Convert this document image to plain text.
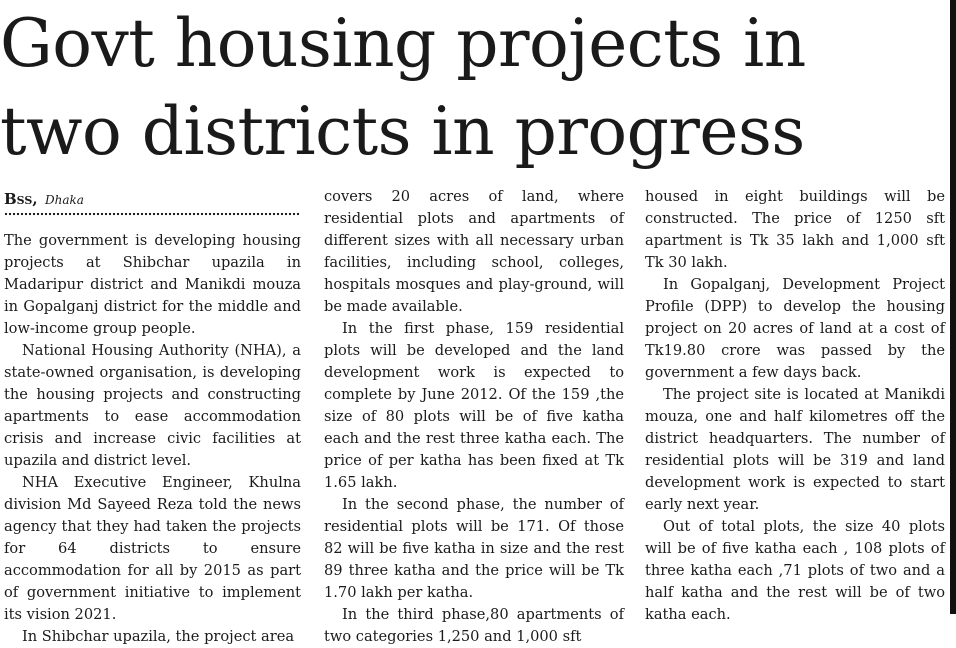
Govt housing projects in
two districts in progress
Bss, Dhaka

The government is developing housing projects at Shibchar upazila in Madaripur district and Manikdi mouza in Gopalganj district for the middle and low-income group people.

National Housing Authority (NHA), a state-owned organisation, is developing the housing projects and constructing apartments to ease accommodation crisis and increase civic facilities at upazila and district level.

NHA Executive Engineer, Khulna division Md Sayeed Reza told the news agency that they had taken the projects for 64 districts to ensure accommodation for all by 2015 as part of government initiative to implement its vision 2021.

In Shibchar upazila, the project area

covers 20 acres of land, where residential plots and apartments of different sizes with all necessary urban facilities, including school, colleges, hospitals mosques and play-ground, will be made available.

In the first phase, 159 residential plots will be developed and the land development work is expected to complete by June 2012. Of the 159 ,the size of 80 plots will be of five katha each and the rest three katha each. The price of per katha has been fixed at Tk 1.65 lakh.

In the second phase, the number of residential plots will be 171. Of those 82 will be five katha in size and the rest 89 three katha and the price will be Tk 1.70 lakh per katha.

In the third phase,80 apartments of two categories 1,250 and 1,000 sft

housed in eight buildings will be constructed. The price of 1250 sft apartment is Tk 35 lakh and 1,000 sft Tk 30 lakh.

In Gopalganj, Development Project Profile (DPP) to develop the housing project on 20 acres of land at a cost of Tk19.80 crore was passed by the government a few days back.

The project site is located at Manikdi mouza, one and half kilometres off the district headquarters. The number of residential plots will be 319 and land development work is expected to start early next year.

Out of total plots, the size 40 plots will be of five katha each , 108 plots of three katha each ,71 plots of two and a half katha and the rest will be of two katha each.
